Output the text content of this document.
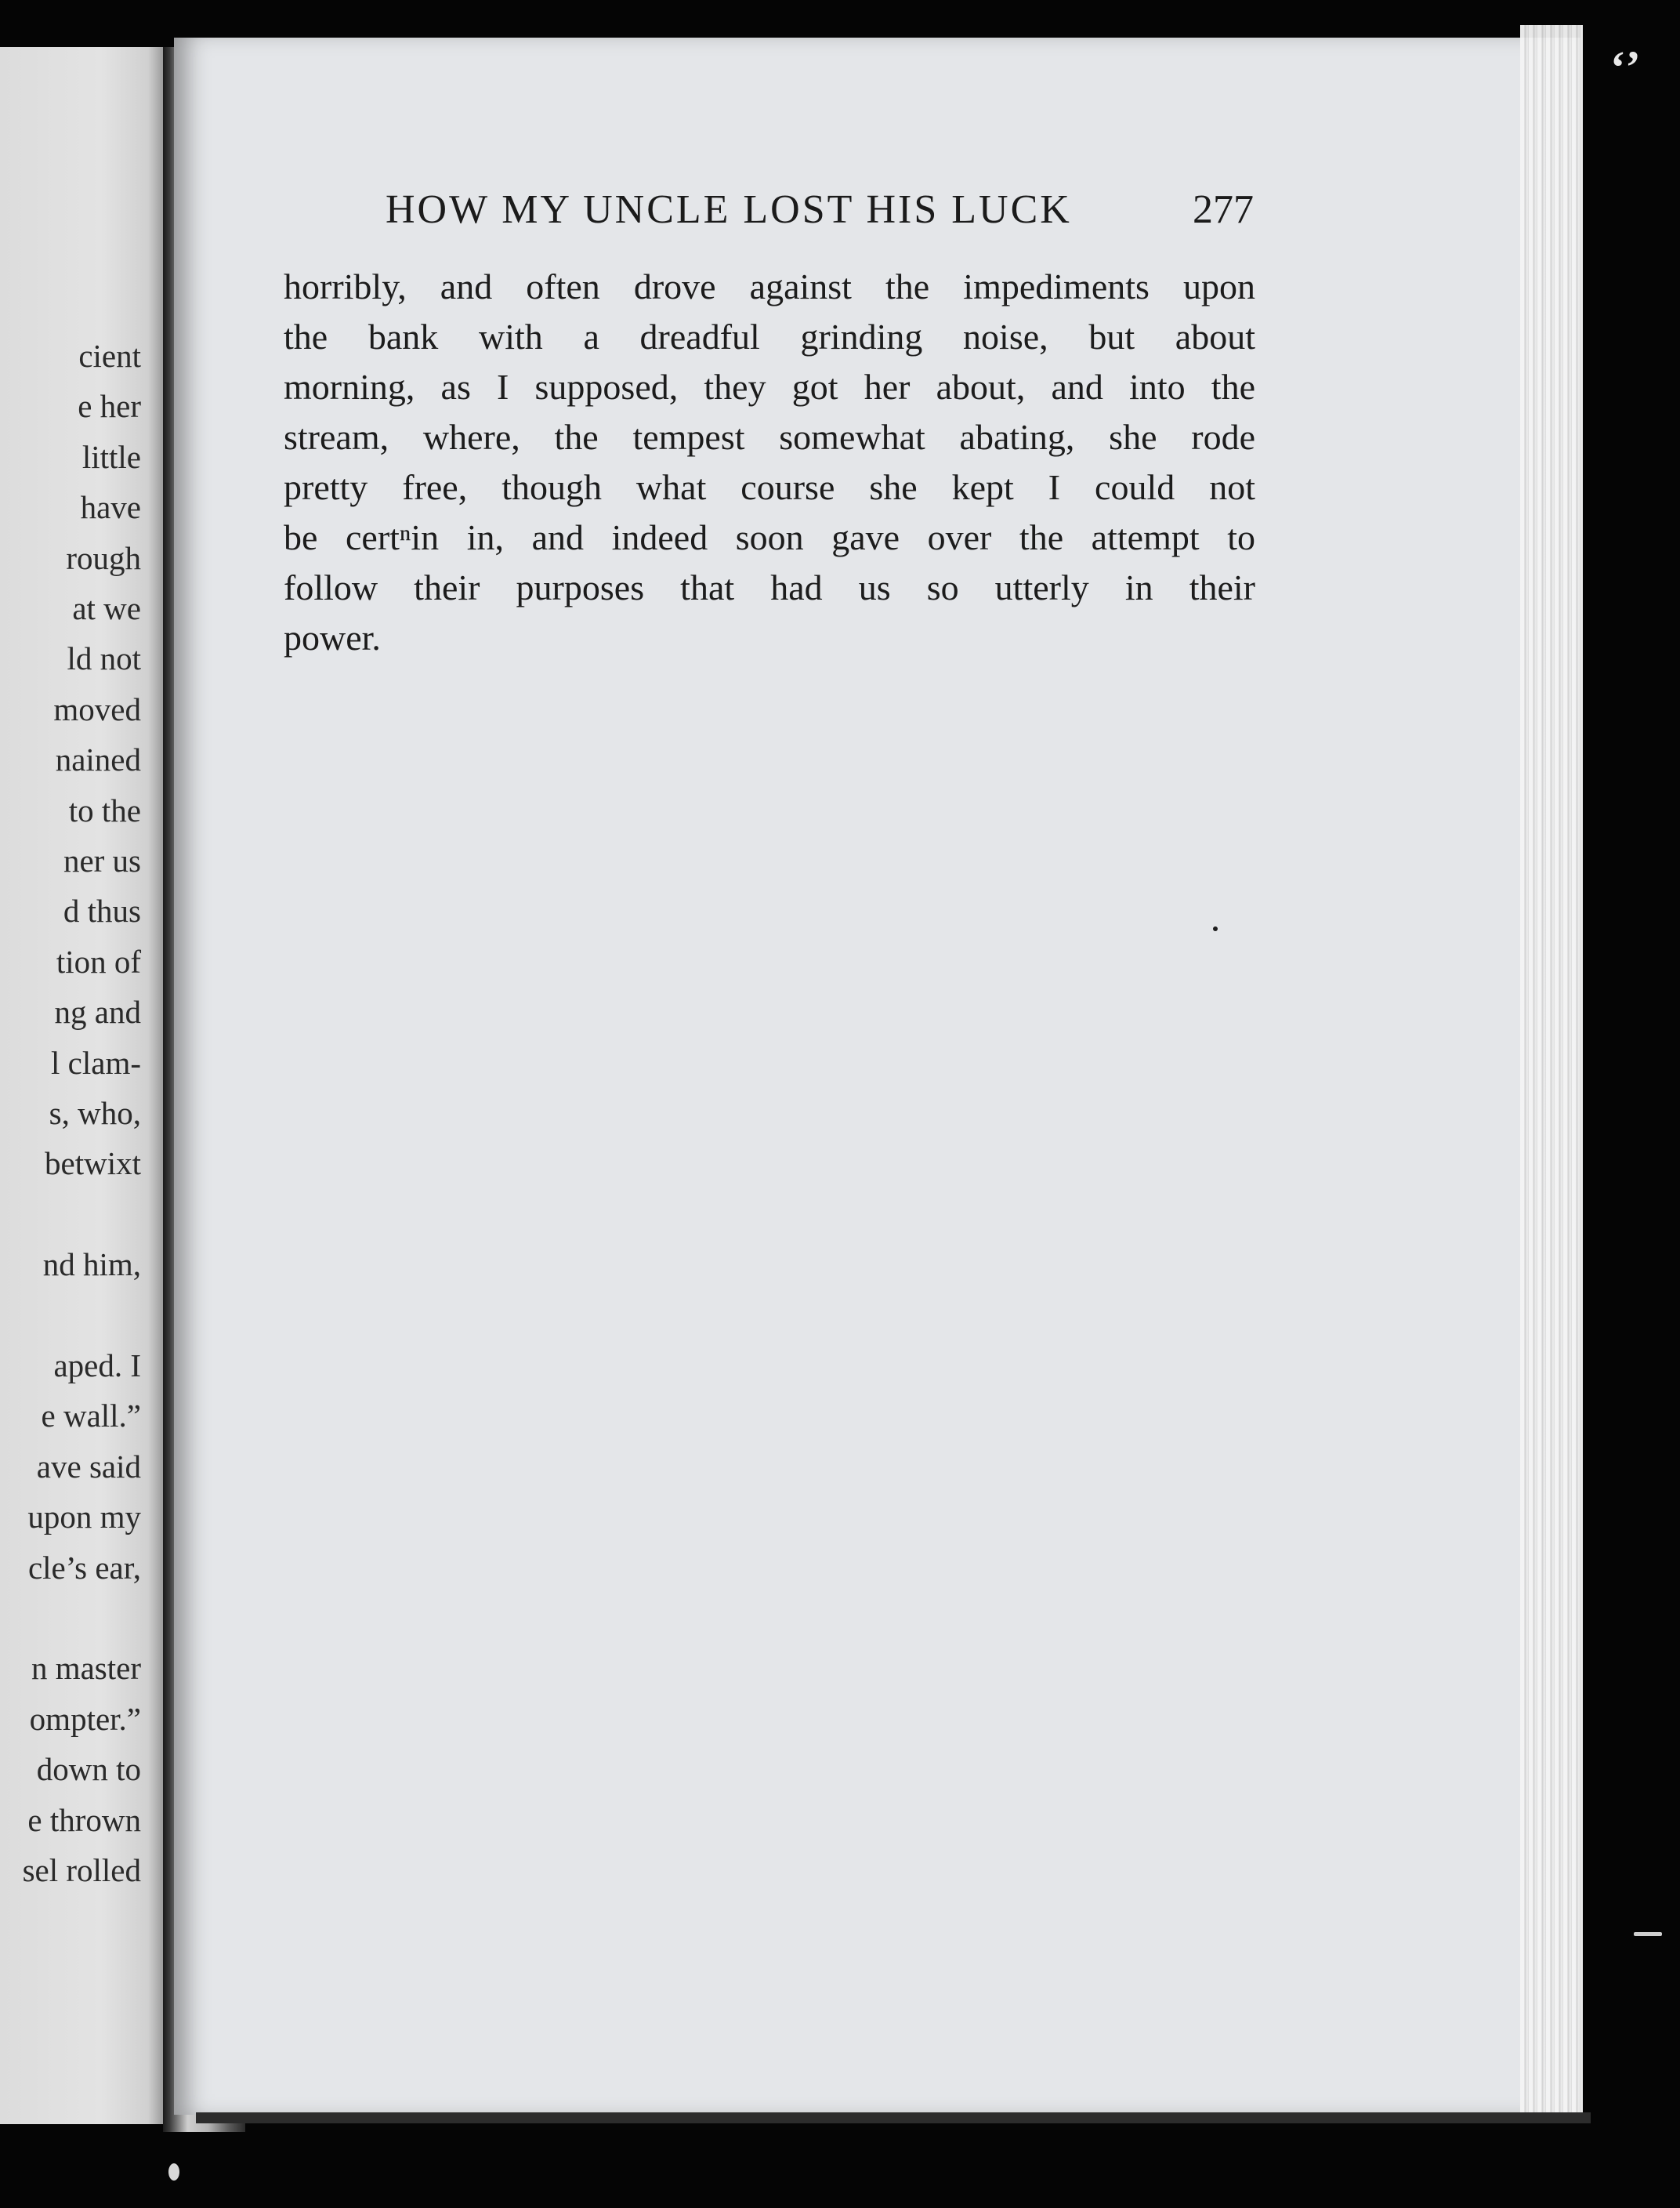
cient
e her
little
have
rough
at we
ld not
moved
nained
to the
ner us
d thus
tion of
ng and
l clam-
s, who,
betwixt
nd him,
aped. I
e wall.”
ave said
upon my
cle’s ear,
n master
ompter.”
down to
e thrown
sel rolled
HOW MY UNCLE LOST HIS LUCK	277
horribly, and often drove against the impediments upon
the bank with a dreadful grinding noise, but about
morning, as I supposed, they got her about, and into the
stream, where, the tempest somewhat abating, she rode
pretty free, though what course she kept I could not
be certⁿin in, and indeed soon gave over the attempt to
follow their purposes that had us so utterly in their
power.
‘’
